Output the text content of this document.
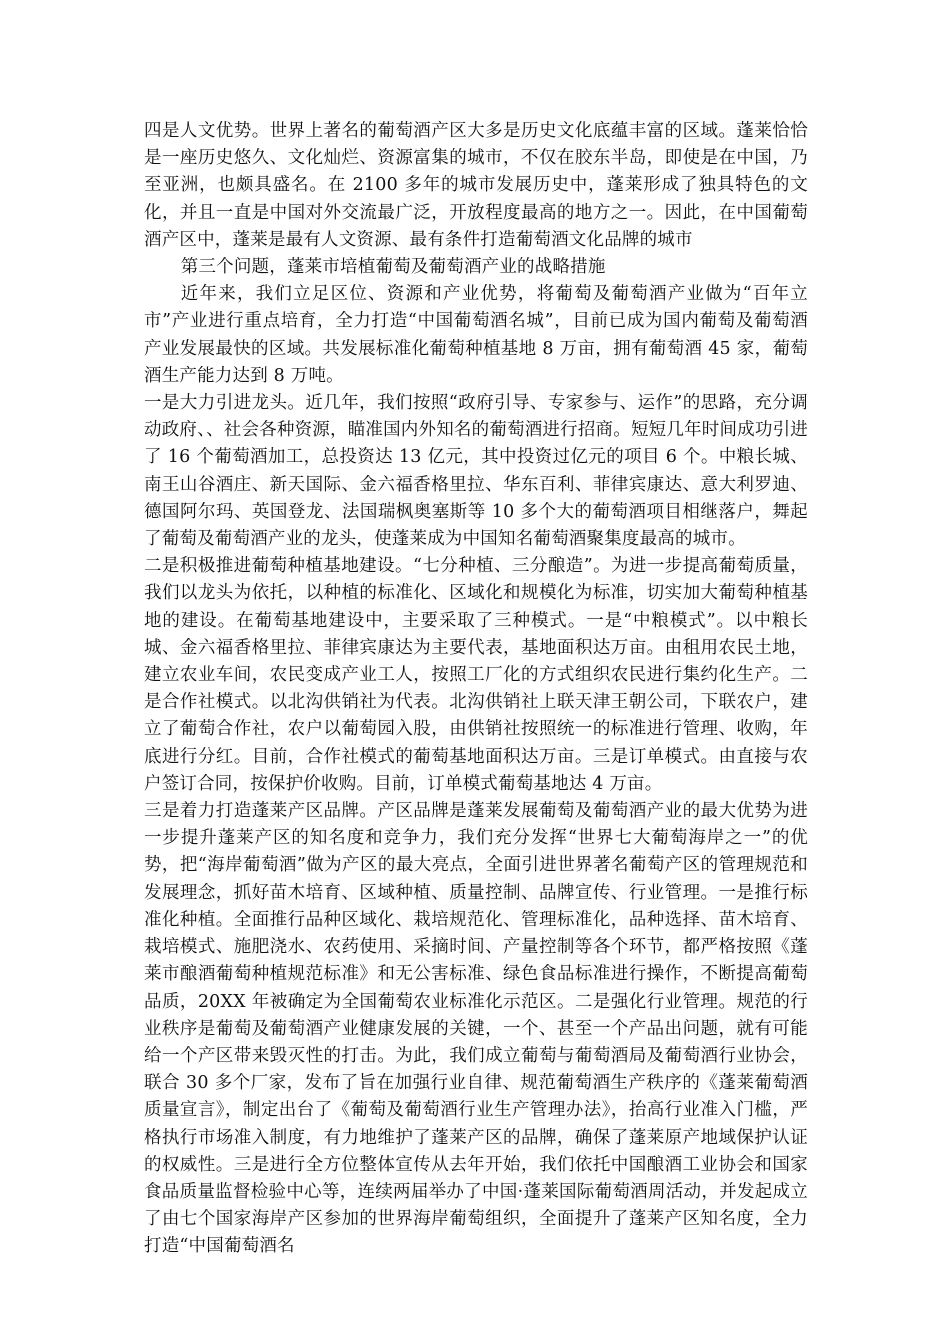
四是人文优势。世界上著名的葡萄酒产区大多是历史文化底蕴丰富的区域。蓬莱恰恰是一座历史悠久、文化灿烂、资源富集的城市，不仅在胶东半岛，即使是在中国，乃至亚洲，也颇具盛名。在 2100 多年的城市发展历史中，蓬莱形成了独具特色的文化，并且一直是中国对外交流最广泛，开放程度最高的地方之一。因此，在中国葡萄酒产区中，蓬莱是最有人文资源、最有条件打造葡萄酒文化品牌的城市

第三个问题，蓬莱市培植葡萄及葡萄酒产业的战略措施

近年来，我们立足区位、资源和产业优势，将葡萄及葡萄酒产业做为“百年立市”产业进行重点培育，全力打造“中国葡萄酒名城”，目前已成为国内葡萄及葡萄酒产业发展最快的区域。共发展标准化葡萄种植基地 8 万亩，拥有葡萄酒 45 家，葡萄酒生产能力达到 8 万吨。

一是大力引进龙头。近几年，我们按照“政府引导、专家参与、运作”的思路，充分调动政府、、社会各种资源，瞄准国内外知名的葡萄酒进行招商。短短几年时间成功引进了 16 个葡萄酒加工，总投资达 13 亿元，其中投资过亿元的项目 6 个。中粮长城、南王山谷酒庄、新天国际、金六福香格里拉、华东百利、菲律宾康达、意大利罗迪、德国阿尔玛、英国登龙、法国瑞枫奥塞斯等 10 多个大的葡萄酒项目相继落户，舞起了葡萄及葡萄酒产业的龙头，使蓬莱成为中国知名葡萄酒聚集度最高的城市。

二是积极推进葡萄种植基地建设。“七分种植、三分酿造”。为进一步提高葡萄质量，我们以龙头为依托，以种植的标准化、区域化和规模化为标准，切实加大葡萄种植基地的建设。在葡萄基地建设中，主要采取了三种模式。一是“中粮模式”。以中粮长城、金六福香格里拉、菲律宾康达为主要代表，基地面积达万亩。由租用农民土地，建立农业车间，农民变成产业工人，按照工厂化的方式组织农民进行集约化生产。二是合作社模式。以北沟供销社为代表。北沟供销社上联天津王朝公司，下联农户，建立了葡萄合作社，农户以葡萄园入股，由供销社按照统一的标准进行管理、收购，年底进行分红。目前，合作社模式的葡萄基地面积达万亩。三是订单模式。由直接与农户签订合同，按保护价收购。目前，订单模式葡萄基地达 4 万亩。

三是着力打造蓬莱产区品牌。产区品牌是蓬莱发展葡萄及葡萄酒产业的最大优势为进一步提升蓬莱产区的知名度和竞争力，我们充分发挥“世界七大葡萄海岸之一”的优势，把“海岸葡萄酒”做为产区的最大亮点，全面引进世界著名葡萄产区的管理规范和发展理念，抓好苗木培育、区域种植、质量控制、品牌宣传、行业管理。一是推行标准化种植。全面推行品种区域化、栽培规范化、管理标准化，品种选择、苗木培育、栽培模式、施肥浇水、农药使用、采摘时间、产量控制等各个环节，都严格按照《蓬莱市酿酒葡萄种植规范标准》和无公害标准、绿色食品标准进行操作，不断提高葡萄品质，20XX 年被确定为全国葡萄农业标准化示范区。二是强化行业管理。规范的行业秩序是葡萄及葡萄酒产业健康发展的关键，一个、甚至一个产品出问题，就有可能给一个产区带来毁灭性的打击。为此，我们成立葡萄与葡萄酒局及葡萄酒行业协会，联合 30 多个厂家，发布了旨在加强行业自律、规范葡萄酒生产秩序的《蓬莱葡萄酒质量宣言》，制定出台了《葡萄及葡萄酒行业生产管理办法》，抬高行业准入门槛，严格执行市场准入制度，有力地维护了蓬莱产区的品牌，确保了蓬莱原产地域保护认证的权威性。三是进行全方位整体宣传从去年开始，我们依托中国酿酒工业协会和国家食品质量监督检验中心等，连续两届举办了中国·蓬莱国际葡萄酒周活动，并发起成立了由七个国家海岸产区参加的世界海岸葡萄组织，全面提升了蓬莱产区知名度，全力打造“中国葡萄酒名
